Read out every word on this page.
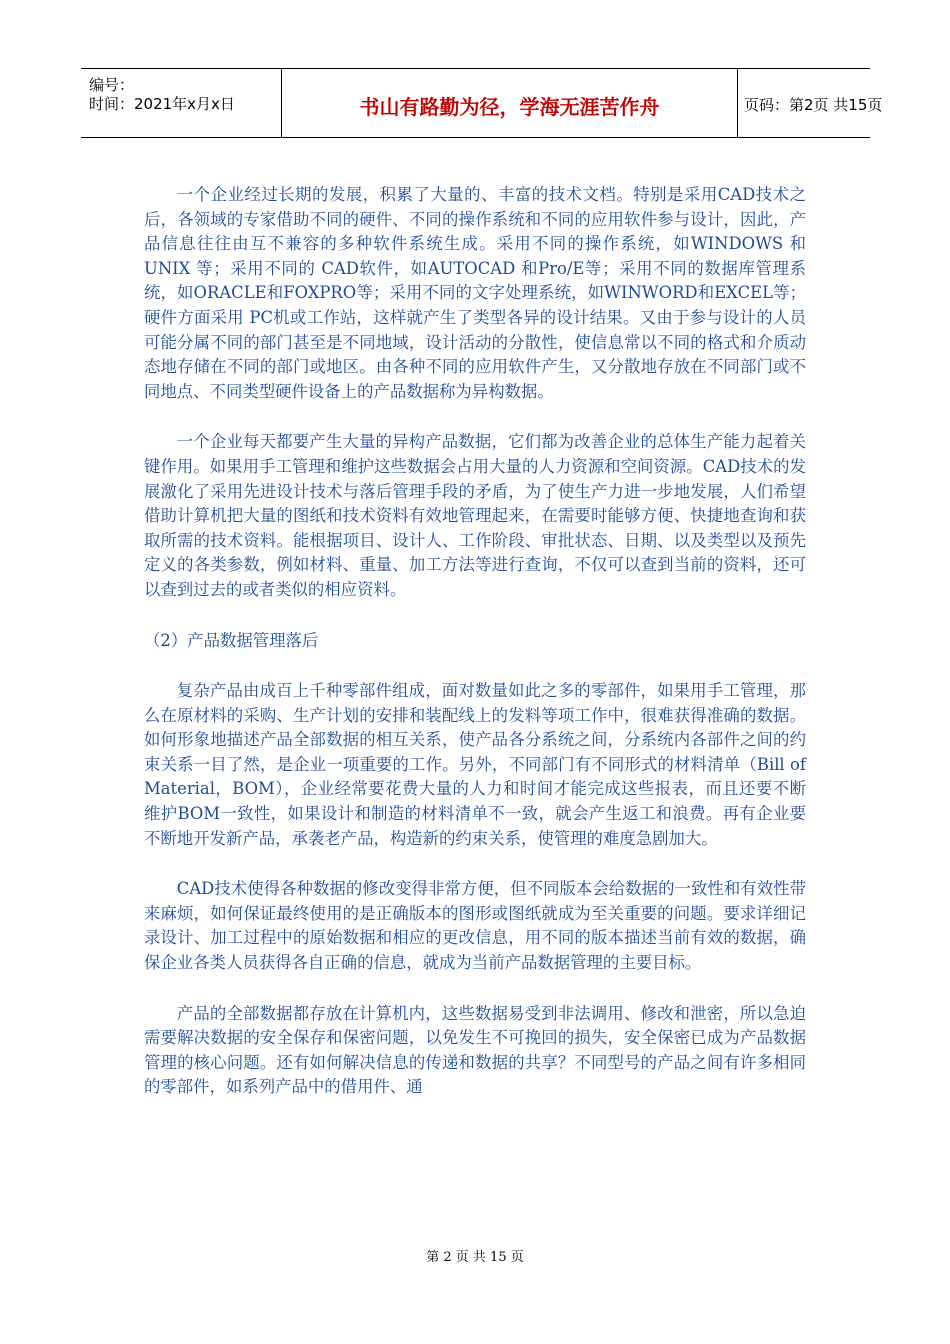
编号：
时间：2021年x月x日	书山有路勤为径，学海无涯苦作舟	页码：第2页 共15页

一个企业经过长期的发展，积累了大量的、丰富的技术文档。特别是采用CAD技术之后，各领域的专家借助不同的硬件、不同的操作系统和不同的应用软件参与设计，因此，产品信息往往由互不兼容的多种软件系统生成。采用不同的操作系统，如WINDOWS 和 UNIX 等；采用不同的 CAD软件，如AUTOCAD 和Pro/E等；采用不同的数据库管理系统，如ORACLE和FOXPRO等；采用不同的文字处理系统，如WINWORD和EXCEL等；硬件方面采用 PC机或工作站，这样就产生了类型各异的设计结果。又由于参与设计的人员可能分属不同的部门甚至是不同地域，设计活动的分散性，使信息常以不同的格式和介质动态地存储在不同的部门或地区。由各种不同的应用软件产生，又分散地存放在不同部门或不同地点、不同类型硬件设备上的产品数据称为异构数据。

一个企业每天都要产生大量的异构产品数据，它们都为改善企业的总体生产能力起着关键作用。如果用手工管理和维护这些数据会占用大量的人力资源和空间资源。CAD技术的发展激化了采用先进设计技术与落后管理手段的矛盾，为了使生产力进一步地发展，人们希望借助计算机把大量的图纸和技术资料有效地管理起来，在需要时能够方便、快捷地查询和获取所需的技术资料。能根据项目、设计人、工作阶段、审批状态、日期、以及类型以及预先定义的各类参数，例如材料、重量、加工方法等进行查询，不仅可以查到当前的资料，还可以查到过去的或者类似的相应资料。

（2）产品数据管理落后

复杂产品由成百上千种零部件组成，面对数量如此之多的零部件，如果用手工管理，那么在原材料的采购、生产计划的安排和装配线上的发料等项工作中，很难获得准确的数据。如何形象地描述产品全部数据的相互关系，使产品各分系统之间，分系统内各部件之间的约束关系一目了然，是企业一项重要的工作。另外，不同部门有不同形式的材料清单（Bill of Material，BOM），企业经常要花费大量的人力和时间才能完成这些报表，而且还要不断维护BOM一致性，如果设计和制造的材料清单不一致，就会产生返工和浪费。再有企业要不断地开发新产品，承袭老产品，构造新的约束关系，使管理的难度急剧加大。

CAD技术使得各种数据的修改变得非常方便，但不同版本会给数据的一致性和有效性带来麻烦，如何保证最终使用的是正确版本的图形或图纸就成为至关重要的问题。要求详细记录设计、加工过程中的原始数据和相应的更改信息，用不同的版本描述当前有效的数据，确保企业各类人员获得各自正确的信息，就成为当前产品数据管理的主要目标。

产品的全部数据都存放在计算机内，这些数据易受到非法调用、修改和泄密，所以急迫需要解决数据的安全保存和保密问题，以免发生不可挽回的损失，安全保密已成为产品数据管理的核心问题。还有如何解决信息的传递和数据的共享？不同型号的产品之间有许多相同的零部件，如系列产品中的借用件、通

第 2 页 共 15 页
